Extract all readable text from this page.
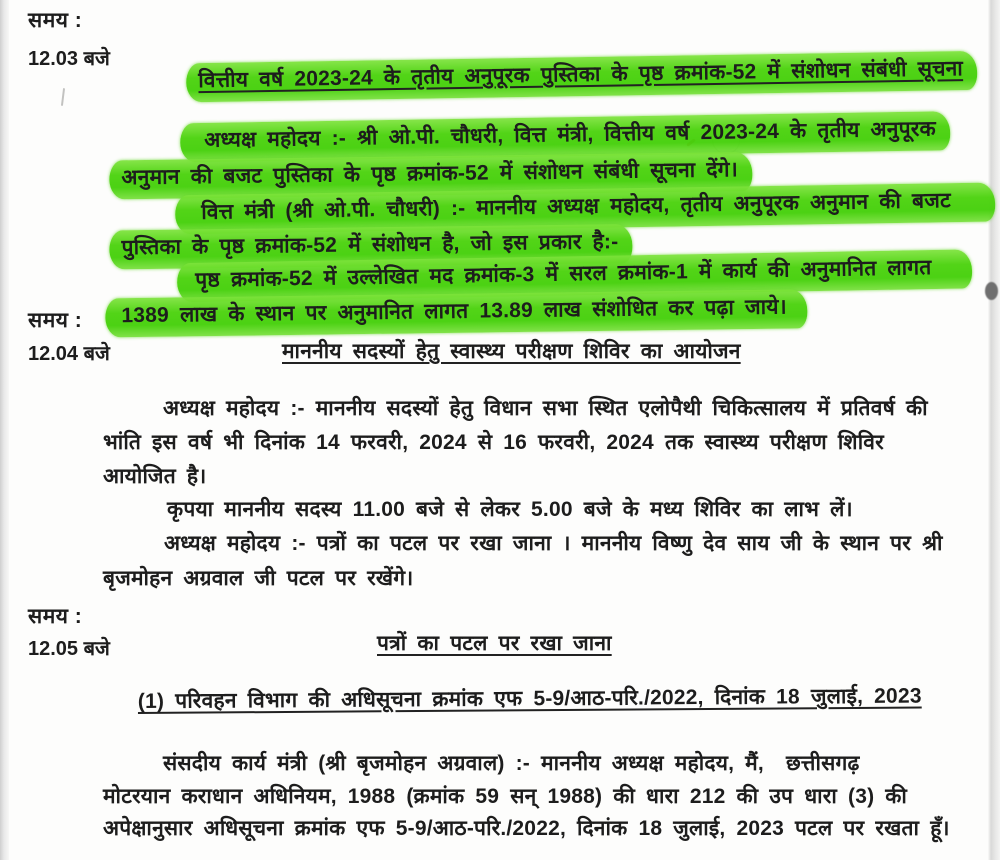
समय :
12.03 बजे	वित्तीय वर्ष 2023-24 के तृतीय अनुपूरक पुस्तिका के पृष्ठ क्रमांक-52 में संशोधन संबंधी सूचना

अध्यक्ष महोदय :- श्री ओ.पी. चौधरी, वित्त मंत्री, वित्तीय वर्ष 2023-24 के तृतीय अनुपूरक

अनुमान की बजट पुस्तिका के पृष्ठ क्रमांक-52 में संशोधन संबंधी सूचना देंगे।

वित्त मंत्री (श्री ओ.पी. चौधरी) :- माननीय अध्यक्ष महोदय, तृतीय अनुपूरक अनुमान की बजट

पुस्तिका के पृष्ठ क्रमांक-52 में संशोधन है, जो इस प्रकार है:-

पृष्ठ क्रमांक-52 में उल्लेखित मद क्रमांक-3 में सरल क्रमांक-1 में कार्य की अनुमानित लागत

1389 लाख के स्थान पर अनुमानित लागत 13.89 लाख संशोधित कर पढ़ा जाये।

समय :
12.04 बजे	माननीय सदस्यों हेतु स्वास्थ्य परीक्षण शिविर का आयोजन
अध्यक्ष महोदय :- माननीय सदस्यों हेतु विधान सभा स्थित एलोपैथी चिकित्सालय में प्रतिवर्ष की
भांति इस वर्ष भी दिनांक 14 फरवरी, 2024 से 16 फरवरी, 2024 तक स्वास्थ्य परीक्षण शिविर
आयोजित है।
कृपया माननीय सदस्य 11.00 बजे से लेकर 5.00 बजे के मध्य शिविर का लाभ लें।
अध्यक्ष महोदय :- पत्रों का पटल पर रखा जाना । माननीय विष्णु देव साय जी के स्थान पर श्री
बृजमोहन अग्रवाल जी पटल पर रखेंगे।
समय :
12.05 बजे	पत्रों का पटल पर रखा जाना
(1) परिवहन विभाग की अधिसूचना क्रमांक एफ 5-9/आठ-परि./2022, दिनांक 18 जुलाई, 2023
संसदीय कार्य मंत्री (श्री बृजमोहन अग्रवाल) :- माननीय अध्यक्ष महोदय, मैं,  छत्तीसगढ़
मोटरयान कराधान अधिनियम, 1988 (क्रमांक 59 सन् 1988) की धारा 212 की उप धारा (3) की
अपेक्षानुसार अधिसूचना क्रमांक एफ 5-9/आठ-परि./2022, दिनांक 18 जुलाई, 2023 पटल पर रखता हूँ।
